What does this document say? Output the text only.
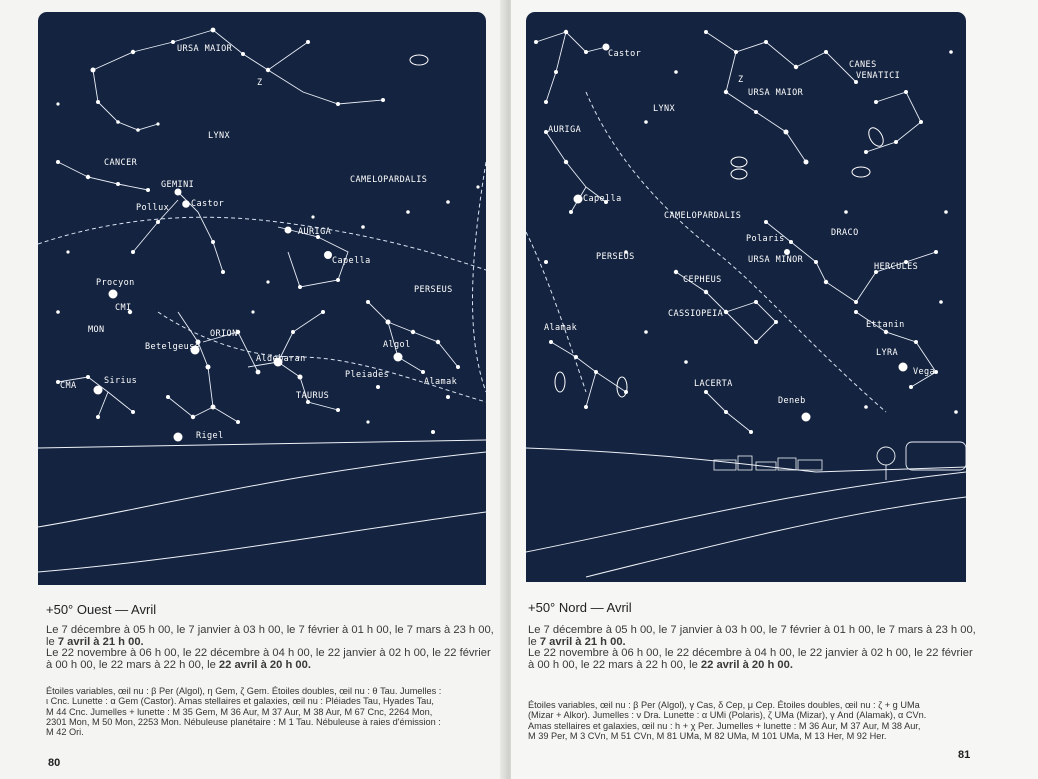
URSA MAIOR
Z
LYNX
CANCER
GEMINI	CAMELOPARDALIS
Pollux	Castor
AURIGA
Capella
Procyon
CMI
PERSEUS
MON	ORION
Betelgeuse	Algol
Aldebaran
Pleiades
CMA	Sirius
TAURUS
Alamak
Rigel
+50° Ouest — Avril
Le 7 décembre à 05 h 00, le 7 janvier à 03 h 00, le 7 février à 01 h 00, le 7 mars à 23 h 00,
le 7 avril à 21 h 00.
Le 22 novembre à 06 h 00, le 22 décembre à 04 h 00, le 22 janvier à 02 h 00, le 22 février
à 00 h 00, le 22 mars à 22 h 00, le 22 avril à 20 h 00.
Étoiles variables, œil nu : β Per (Algol), η Gem, ζ Gem. Étoiles doubles, œil nu : θ Tau. Jumelles :
ι Cnc. Lunette : α Gem (Castor). Amas stellaires et galaxies, œil nu : Pléiades Tau, Hyades Tau,
M 44 Cnc. Jumelles + lunette : M 35 Gem, M 36 Aur, M 37 Aur, M 38 Aur, M 67 Cnc, 2264 Mon,
2301 Mon, M 50 Mon, 2253 Mon. Nébuleuse planétaire : M 1 Tau. Nébuleuse à raies d'émission :
M 42 Ori.
80
Castor
Z
URSA MAIOR
CANES
VENATICI
LYNX
AURIGA
Capella
CAMELOPARDALIS
Polaris
DRACO
PERSEUS	URSA MINOR
HERCULES
CEPHEUS
CASSIOPEIA
Alamak	Ettanin
LYRA
Vega
LACERTA
Deneb
+50° Nord — Avril
Le 7 décembre à 05 h 00, le 7 janvier à 03 h 00, le 7 février à 01 h 00, le 7 mars à 23 h 00,
le 7 avril à 21 h 00.
Le 22 novembre à 06 h 00, le 22 décembre à 04 h 00, le 22 janvier à 02 h 00, le 22 février
à 00 h 00, le 22 mars à 22 h 00, le 22 avril à 20 h 00.
Étoiles variables, œil nu : β Per (Algol), γ Cas, δ Cep, μ Cep. Étoiles doubles, œil nu : ζ + g UMa
(Mizar + Alkor). Jumelles : ν Dra. Lunette : α UMi (Polaris), ζ UMa (Mizar), γ And (Alamak), α CVn.
Amas stellaires et galaxies, œil nu : h + χ Per. Jumelles + lunette : M 36 Aur, M 37 Aur, M 38 Aur,
M 39 Per, M 3 CVn, M 51 CVn, M 81 UMa, M 82 UMa, M 101 UMa, M 13 Her, M 92 Her.
81
